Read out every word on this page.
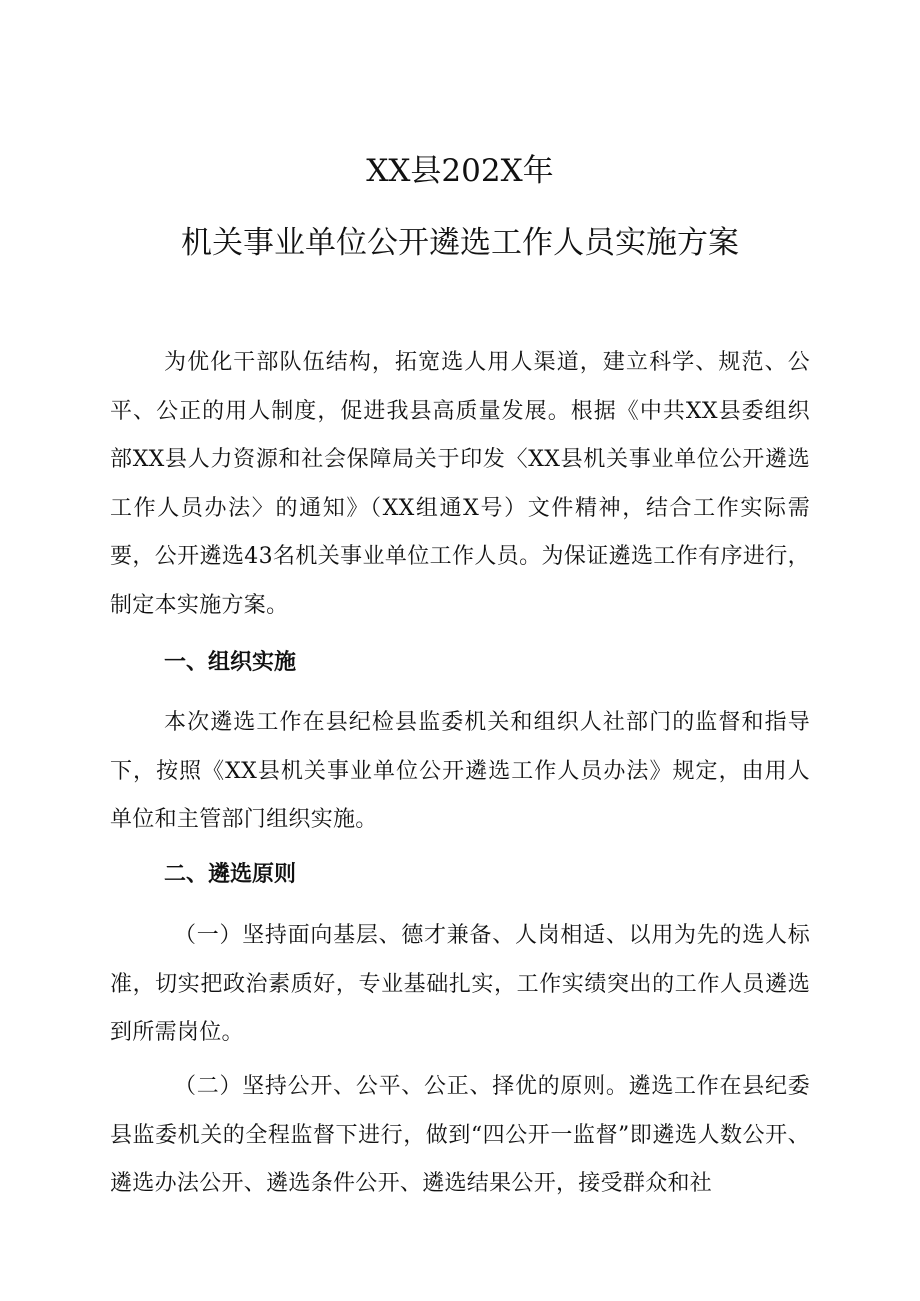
XX县202X年
机关事业单位公开遴选工作人员实施方案

为优化干部队伍结构，拓宽选人用人渠道，建立科学、规范、公平、公正的用人制度，促进我县高质量发展。根据《中共XX县委组织部XX县人力资源和社会保障局关于印发〈XX县机关事业单位公开遴选工作人员办法〉的通知》（XX组通X号）文件精神，结合工作实际需要，公开遴选43名机关事业单位工作人员。为保证遴选工作有序进行，制定本实施方案。

一、组织实施

本次遴选工作在县纪检县监委机关和组织人社部门的监督和指导下，按照《XX县机关事业单位公开遴选工作人员办法》规定，由用人单位和主管部门组织实施。

二、遴选原则

（一）坚持面向基层、德才兼备、人岗相适、以用为先的选人标准，切实把政治素质好，专业基础扎实，工作实绩突出的工作人员遴选到所需岗位。

（二）坚持公开、公平、公正、择优的原则。遴选工作在县纪委县监委机关的全程监督下进行，做到“四公开一监督”即遴选人数公开、遴选办法公开、遴选条件公开、遴选结果公开，接受群众和社
